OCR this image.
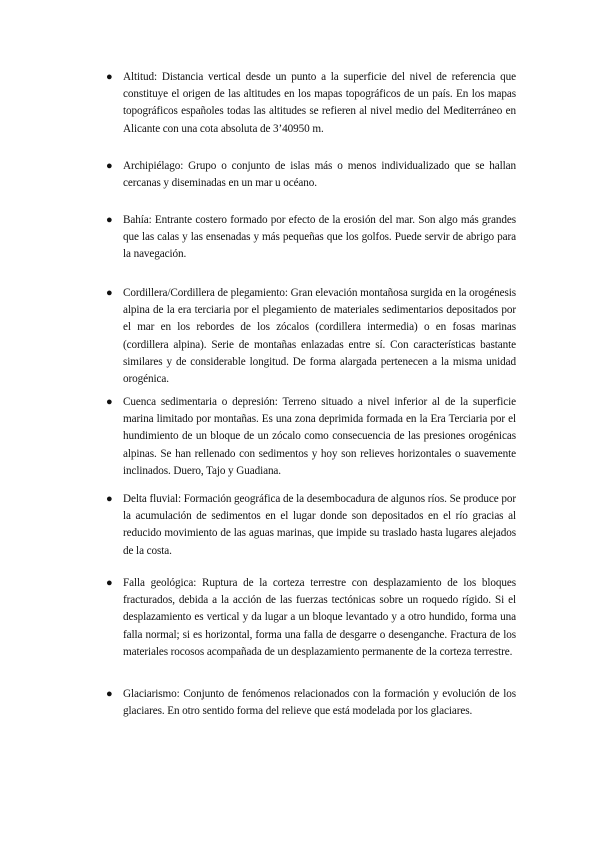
● Altitud: Distancia vertical desde un punto a la superficie del nivel de referencia que constituye el origen de las altitudes en los mapas topográficos de un país. En los mapas topográficos españoles todas las altitudes se refieren al nivel medio del Mediterráneo en Alicante con una cota absoluta de 3’40950 m.
● Archipiélago: Grupo o conjunto de islas más o menos individualizado que se hallan cercanas y diseminadas en un mar u océano.
● Bahía: Entrante costero formado por efecto de la erosión del mar. Son algo más grandes que las calas y las ensenadas y más pequeñas que los golfos. Puede servir de abrigo para la navegación.
● Cordillera/Cordillera de plegamiento: Gran elevación montañosa surgida en la orogénesis alpina de la era terciaria por el plegamiento de materiales sedimentarios depositados por el mar en los rebordes de los zócalos (cordillera intermedia) o en fosas marinas (cordillera alpina). Serie de montañas enlazadas entre sí. Con características bastante similares y de considerable longitud. De forma alargada pertenecen a la misma unidad orogénica.
● Cuenca sedimentaria o depresión: Terreno situado a nivel inferior al de la superficie marina limitado por montañas. Es una zona deprimida formada en la Era Terciaria por el hundimiento de un bloque de un zócalo como consecuencia de las presiones orogénicas alpinas. Se han rellenado con sedimentos y hoy son relieves horizontales o suavemente inclinados. Duero, Tajo y Guadiana.
● Delta fluvial: Formación geográfica de la desembocadura de algunos ríos. Se produce por la acumulación de sedimentos en el lugar donde son depositados en el río gracias al reducido movimiento de las aguas marinas, que impide su traslado hasta lugares alejados de la costa.
● Falla geológica: Ruptura de la corteza terrestre con desplazamiento de los bloques fracturados, debida a la acción de las fuerzas tectónicas sobre un roquedo rígido. Si el desplazamiento es vertical y da lugar a un bloque levantado y a otro hundido, forma una falla normal; si es horizontal, forma una falla de desgarre o desenganche. Fractura de los materiales rocosos acompañada de un desplazamiento permanente de la corteza terrestre.
● Glaciarismo: Conjunto de fenómenos relacionados con la formación y evolución de los glaciares. En otro sentido forma del relieve que está modelada por los glaciares.
